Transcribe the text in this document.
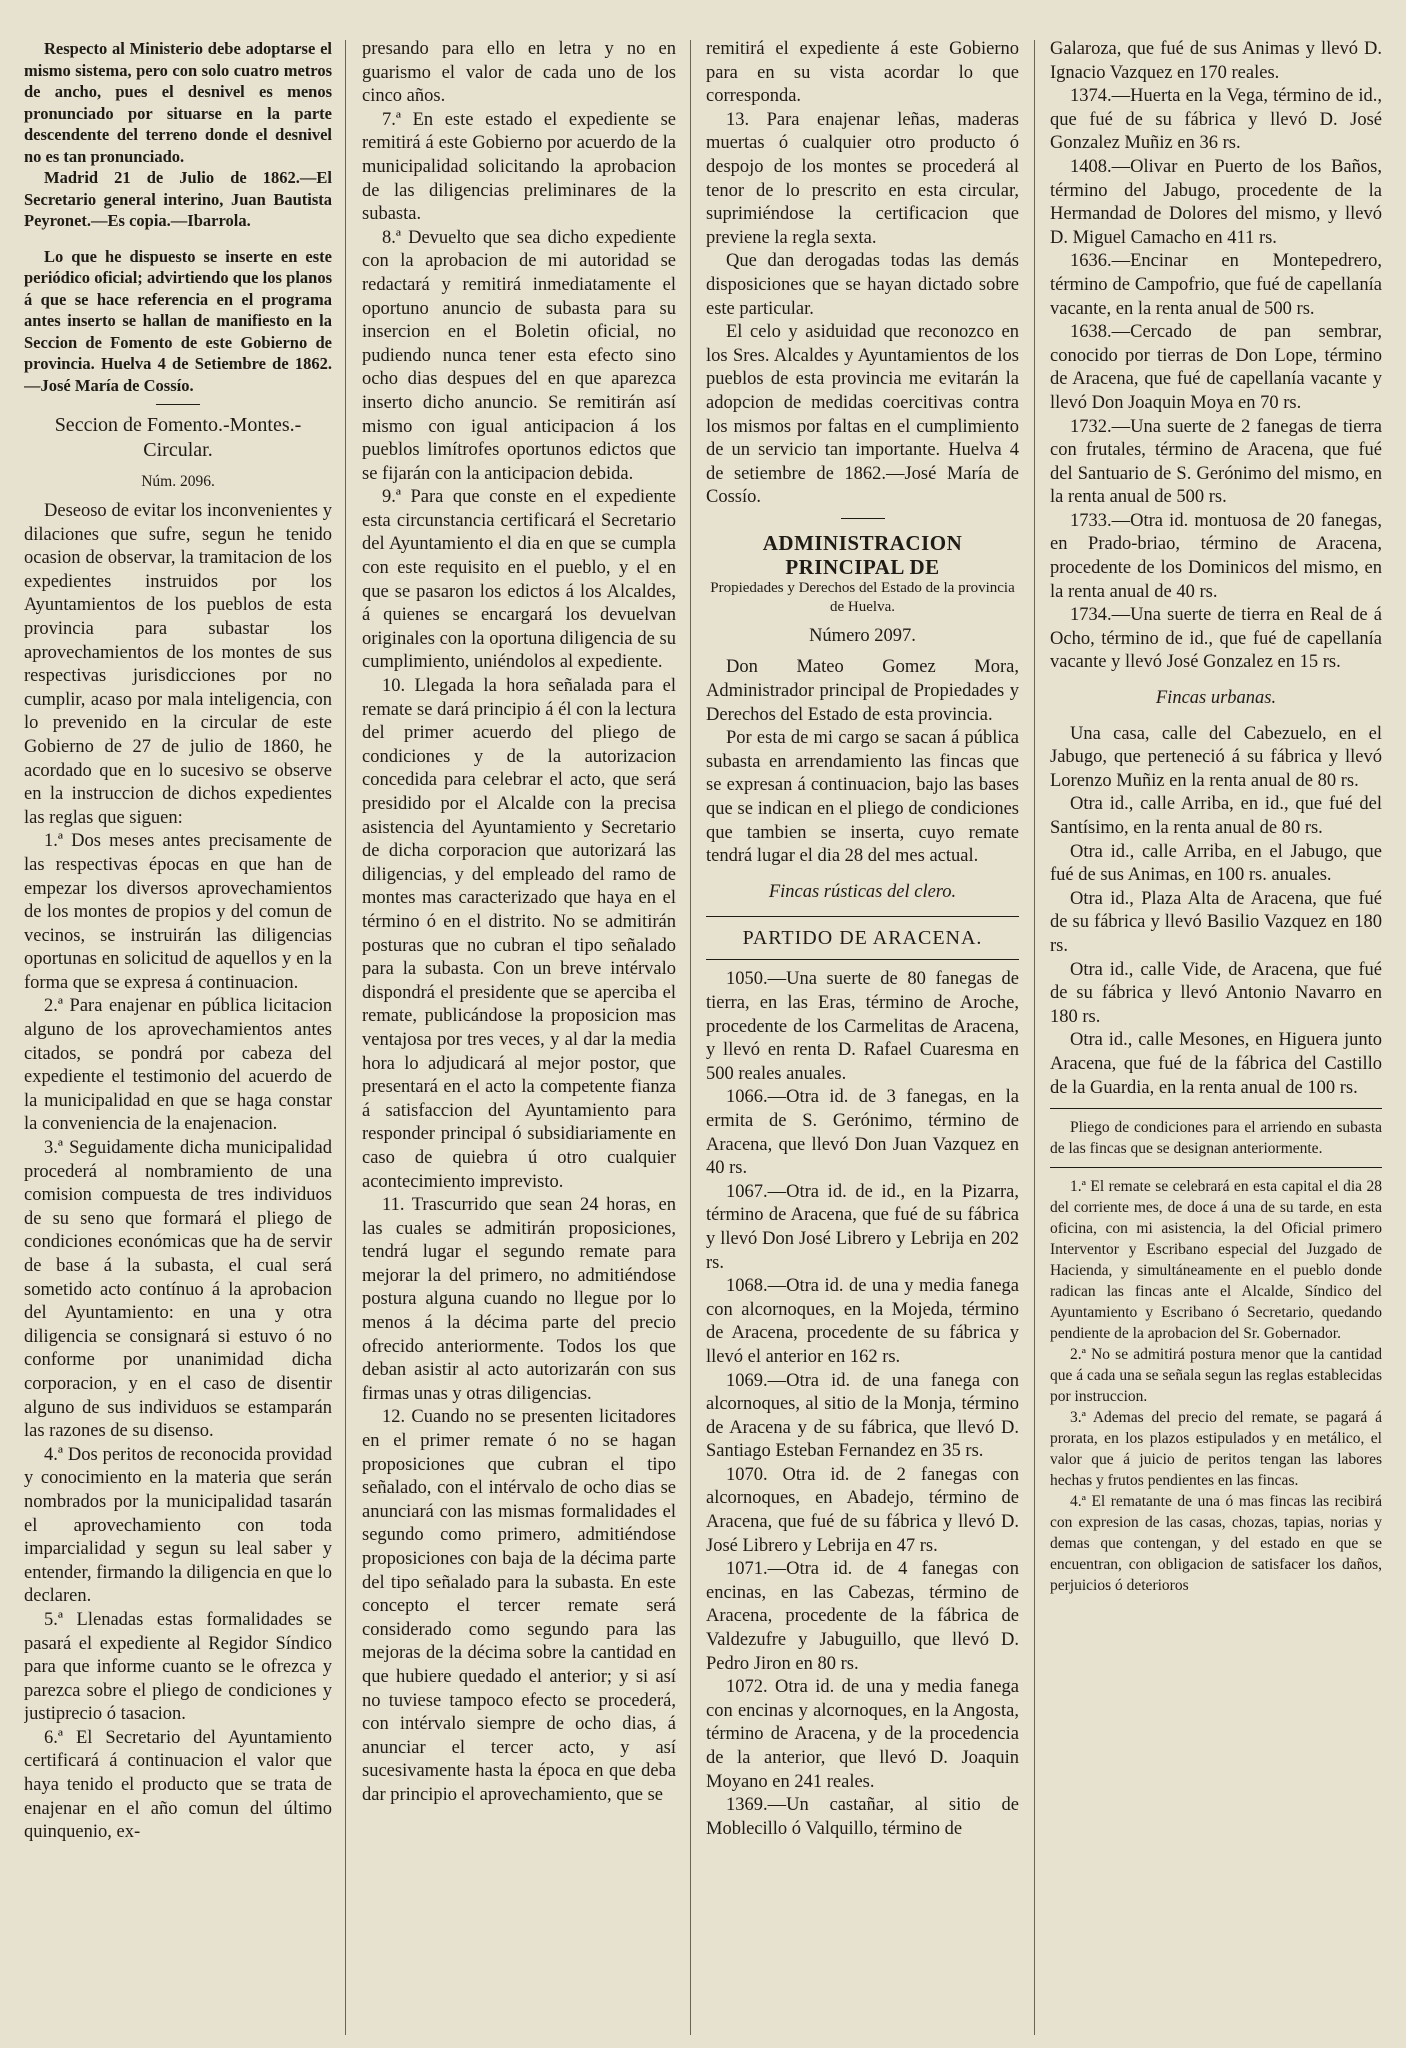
Respecto al Ministerio debe adoptarse el mismo sistema, pero con solo cuatro metros de ancho, pues el desnivel es menos pronunciado por situarse en la parte descendente del terreno donde el desnivel no es tan pronunciado.

Madrid 21 de Julio de 1862.—El Secretario general interino, Juan Bautista Peyronet.—Es copia.—Ibarrola.

Lo que he dispuesto se inserte en este periódico oficial; advirtiendo que los planos á que se hace referencia en el programa antes inserto se hallan de manifiesto en la Seccion de Fomento de este Gobierno de provincia. Huelva 4 de Setiembre de 1862.—José María de Cossío.

Seccion de Fomento.-Montes.-Circular.

Núm. 2096.

Deseoso de evitar los inconvenientes y dilaciones que sufre, segun he tenido ocasion de observar, la tramitacion de los expedientes instruidos por los Ayuntamientos de los pueblos de esta provincia para subastar los aprovechamientos de los montes de sus respectivas jurisdicciones por no cumplir, acaso por mala inteligencia, con lo prevenido en la circular de este Gobierno de 27 de julio de 1860, he acordado que en lo sucesivo se observe en la instruccion de dichos expedientes las reglas que siguen:

1.ª Dos meses antes precisamente de las respectivas épocas en que han de empezar los diversos aprovechamientos de los montes de propios y del comun de vecinos, se instruirán las diligencias oportunas en solicitud de aquellos y en la forma que se expresa á continuacion.

2.ª Para enajenar en pública licitacion alguno de los aprovechamientos antes citados, se pondrá por cabeza del expediente el testimonio del acuerdo de la municipalidad en que se haga constar la conveniencia de la enajenacion.

3.ª Seguidamente dicha municipalidad procederá al nombramiento de una comision compuesta de tres individuos de su seno que formará el pliego de condiciones económicas que ha de servir de base á la subasta, el cual será sometido acto contínuo á la aprobacion del Ayuntamiento: en una y otra diligencia se consignará si estuvo ó no conforme por unanimidad dicha corporacion, y en el caso de disentir alguno de sus individuos se estamparán las razones de su disenso.

4.ª Dos peritos de reconocida providad y conocimiento en la materia que serán nombrados por la municipalidad tasarán el aprovechamiento con toda imparcialidad y segun su leal saber y entender, firmando la diligencia en que lo declaren.

5.ª Llenadas estas formalidades se pasará el expediente al Regidor Síndico para que informe cuanto se le ofrezca y parezca sobre el pliego de condiciones y justiprecio ó tasacion.

6.ª El Secretario del Ayuntamiento certificará á continuacion el valor que haya tenido el producto que se trata de enajenar en el año comun del último quinquenio, ex-

presando para ello en letra y no en guarismo el valor de cada uno de los cinco años.

7.ª En este estado el expediente se remitirá á este Gobierno por acuerdo de la municipalidad solicitando la aprobacion de las diligencias preliminares de la subasta.

8.ª Devuelto que sea dicho expediente con la aprobacion de mi autoridad se redactará y remitirá inmediatamente el oportuno anuncio de subasta para su insercion en el Boletin oficial, no pudiendo nunca tener esta efecto sino ocho dias despues del en que aparezca inserto dicho anuncio. Se remitirán así mismo con igual anticipacion á los pueblos limítrofes oportunos edictos que se fijarán con la anticipacion debida.

9.ª Para que conste en el expediente esta circunstancia certificará el Secretario del Ayuntamiento el dia en que se cumpla con este requisito en el pueblo, y el en que se pasaron los edictos á los Alcaldes, á quienes se encargará los devuelvan originales con la oportuna diligencia de su cumplimiento, uniéndolos al expediente.

10. Llegada la hora señalada para el remate se dará principio á él con la lectura del primer acuerdo del pliego de condiciones y de la autorizacion concedida para celebrar el acto, que será presidido por el Alcalde con la precisa asistencia del Ayuntamiento y Secretario de dicha corporacion que autorizará las diligencias, y del empleado del ramo de montes mas caracterizado que haya en el término ó en el distrito. No se admitirán posturas que no cubran el tipo señalado para la subasta. Con un breve intérvalo dispondrá el presidente que se aperciba el remate, publicándose la proposicion mas ventajosa por tres veces, y al dar la media hora lo adjudicará al mejor postor, que presentará en el acto la competente fianza á satisfaccion del Ayuntamiento para responder principal ó subsidiariamente en caso de quiebra ú otro cualquier acontecimiento imprevisto.

11. Trascurrido que sean 24 horas, en las cuales se admitirán proposiciones, tendrá lugar el segundo remate para mejorar la del primero, no admitiéndose postura alguna cuando no llegue por lo menos á la décima parte del precio ofrecido anteriormente. Todos los que deban asistir al acto autorizarán con sus firmas unas y otras diligencias.

12. Cuando no se presenten licitadores en el primer remate ó no se hagan proposiciones que cubran el tipo señalado, con el intérvalo de ocho dias se anunciará con las mismas formalidades el segundo como primero, admitiéndose proposiciones con baja de la décima parte del tipo señalado para la subasta. En este concepto el tercer remate será considerado como segundo para las mejoras de la décima sobre la cantidad en que hubiere quedado el anterior; y si así no tuviese tampoco efecto se procederá, con intérvalo siempre de ocho dias, á anunciar el tercer acto, y así sucesivamente hasta la época en que deba dar principio el aprovechamiento, que se

remitirá el expediente á este Gobierno para en su vista acordar lo que corresponda.

13. Para enajenar leñas, maderas muertas ó cualquier otro producto ó despojo de los montes se procederá al tenor de lo prescrito en esta circular, suprimiéndose la certificacion que previene la regla sexta.

Que dan derogadas todas las demás disposiciones que se hayan dictado sobre este particular.

El celo y asiduidad que reconozco en los Sres. Alcaldes y Ayuntamientos de los pueblos de esta provincia me evitarán la adopcion de medidas coercitivas contra los mismos por faltas en el cumplimiento de un servicio tan importante. Huelva 4 de setiembre de 1862.—José María de Cossío.

ADMINISTRACION PRINCIPAL DE

Propiedades y Derechos del Estado de la provincia de Huelva.

Número 2097.

Don Mateo Gomez Mora, Administrador principal de Propiedades y Derechos del Estado de esta provincia.

Por esta de mi cargo se sacan á pública subasta en arrendamiento las fincas que se expresan á continuacion, bajo las bases que se indican en el pliego de condiciones que tambien se inserta, cuyo remate tendrá lugar el dia 28 del mes actual.

Fincas rústicas del clero.

PARTIDO DE ARACENA.

1050.—Una suerte de 80 fanegas de tierra, en las Eras, término de Aroche, procedente de los Carmelitas de Aracena, y llevó en renta D. Rafael Cuaresma en 500 reales anuales.

1066.—Otra id. de 3 fanegas, en la ermita de S. Gerónimo, término de Aracena, que llevó Don Juan Vazquez en 40 rs.

1067.—Otra id. de id., en la Pizarra, término de Aracena, que fué de su fábrica y llevó Don José Librero y Lebrija en 202 rs.

1068.—Otra id. de una y media fanega con alcornoques, en la Mojeda, término de Aracena, procedente de su fábrica y llevó el anterior en 162 rs.

1069.—Otra id. de una fanega con alcornoques, al sitio de la Monja, término de Aracena y de su fábrica, que llevó D. Santiago Esteban Fernandez en 35 rs.

1070. Otra id. de 2 fanegas con alcornoques, en Abadejo, término de Aracena, que fué de su fábrica y llevó D. José Librero y Lebrija en 47 rs.

1071.—Otra id. de 4 fanegas con encinas, en las Cabezas, término de Aracena, procedente de la fábrica de Valdezufre y Jabuguillo, que llevó D. Pedro Jiron en 80 rs.

1072. Otra id. de una y media fanega con encinas y alcornoques, en la Angosta, término de Aracena, y de la procedencia de la anterior, que llevó D. Joaquin Moyano en 241 reales.

1369.—Un castañar, al sitio de Moblecillo ó Valquillo, término de

Galaroza, que fué de sus Animas y llevó D. Ignacio Vazquez en 170 reales.

1374.—Huerta en la Vega, término de id., que fué de su fábrica y llevó D. José Gonzalez Muñiz en 36 rs.

1408.—Olivar en Puerto de los Baños, término del Jabugo, procedente de la Hermandad de Dolores del mismo, y llevó D. Miguel Camacho en 411 rs.

1636.—Encinar en Montepedrero, término de Campofrio, que fué de capellanía vacante, en la renta anual de 500 rs.

1638.—Cercado de pan sembrar, conocido por tierras de Don Lope, término de Aracena, que fué de capellanía vacante y llevó Don Joaquin Moya en 70 rs.

1732.—Una suerte de 2 fanegas de tierra con frutales, término de Aracena, que fué del Santuario de S. Gerónimo del mismo, en la renta anual de 500 rs.

1733.—Otra id. montuosa de 20 fanegas, en Prado-briao, término de Aracena, procedente de los Dominicos del mismo, en la renta anual de 40 rs.

1734.—Una suerte de tierra en Real de á Ocho, término de id., que fué de capellanía vacante y llevó José Gonzalez en 15 rs.

Fincas urbanas.

Una casa, calle del Cabezuelo, en el Jabugo, que perteneció á su fábrica y llevó Lorenzo Muñiz en la renta anual de 80 rs.

Otra id., calle Arriba, en id., que fué del Santísimo, en la renta anual de 80 rs.

Otra id., calle Arriba, en el Jabugo, que fué de sus Animas, en 100 rs. anuales.

Otra id., Plaza Alta de Aracena, que fué de su fábrica y llevó Basilio Vazquez en 180 rs.

Otra id., calle Vide, de Aracena, que fué de su fábrica y llevó Antonio Navarro en 180 rs.

Otra id., calle Mesones, en Higuera junto Aracena, que fué de la fábrica del Castillo de la Guardia, en la renta anual de 100 rs.

Pliego de condiciones para el arriendo en subasta de las fincas que se designan anteriormente.

1.ª El remate se celebrará en esta capital el dia 28 del corriente mes, de doce á una de su tarde, en esta oficina, con mi asistencia, la del Oficial primero Interventor y Escribano especial del Juzgado de Hacienda, y simultáneamente en el pueblo donde radican las fincas ante el Alcalde, Síndico del Ayuntamiento y Escribano ó Secretario, quedando pendiente de la aprobacion del Sr. Gobernador.

2.ª No se admitirá postura menor que la cantidad que á cada una se señala segun las reglas establecidas por instruccion.

3.ª Ademas del precio del remate, se pagará á prorata, en los plazos estipulados y en metálico, el valor que á juicio de peritos tengan las labores hechas y frutos pendientes en las fincas.

4.ª El rematante de una ó mas fincas las recibirá con expresion de las casas, chozas, tapias, norias y demas que contengan, y del estado en que se encuentran, con obligacion de satisfacer los daños, perjuicios ó deterioros
